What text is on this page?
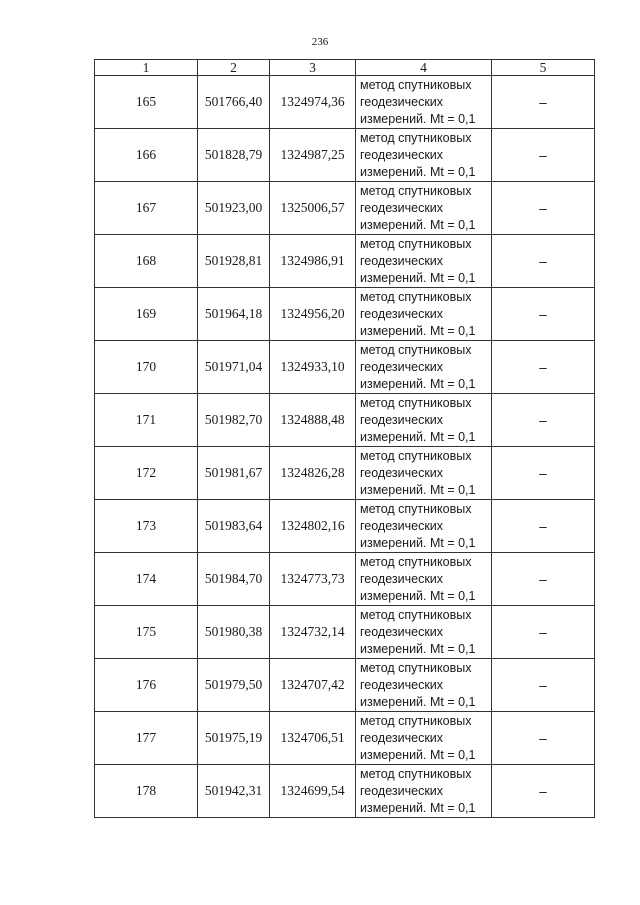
236
1	2	3	4	5
165	501766,40	1324974,36	метод спутниковых
геодезических
измерений. Mt = 0,1	–
166	501828,79	1324987,25	метод спутниковых
геодезических
измерений. Mt = 0,1	–
167	501923,00	1325006,57	метод спутниковых
геодезических
измерений. Mt = 0,1	–
168	501928,81	1324986,91	метод спутниковых
геодезических
измерений. Mt = 0,1	–
169	501964,18	1324956,20	метод спутниковых
геодезических
измерений. Mt = 0,1	–
170	501971,04	1324933,10	метод спутниковых
геодезических
измерений. Mt = 0,1	–
171	501982,70	1324888,48	метод спутниковых
геодезических
измерений. Mt = 0,1	–
172	501981,67	1324826,28	метод спутниковых
геодезических
измерений. Mt = 0,1	–
173	501983,64	1324802,16	метод спутниковых
геодезических
измерений. Mt = 0,1	–
174	501984,70	1324773,73	метод спутниковых
геодезических
измерений. Mt = 0,1	–
175	501980,38	1324732,14	метод спутниковых
геодезических
измерений. Mt = 0,1	–
176	501979,50	1324707,42	метод спутниковых
геодезических
измерений. Mt = 0,1	–
177	501975,19	1324706,51	метод спутниковых
геодезических
измерений. Mt = 0,1	–
178	501942,31	1324699,54	метод спутниковых
геодезических
измерений. Mt = 0,1	–
